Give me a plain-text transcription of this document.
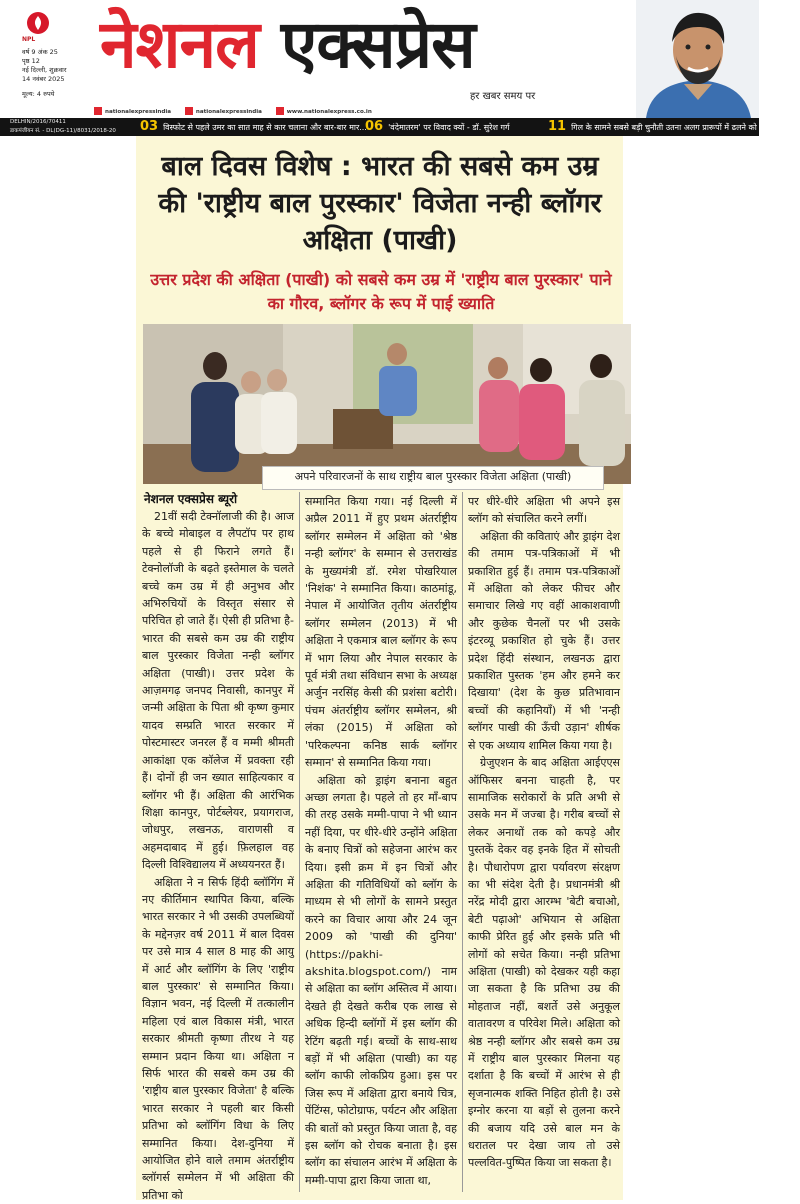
NPL
वर्ष 9 अंक 25
पृष्ठ 12
नई दिल्ली, शुक्रवार
14 नवंबर 2025
मूल्य: 4 रुपये
नेशनल एक्सप्रेस
हर खबर समय पर
nationalexpressindia	nationalexpressindia	www.nationalexpress.co.in
DELHIN/2016/70411
डाकपंजीयन सं. - DL(DG-11)/8031/2018-20	03 विस्फोट से पहले उमर का सात माह से कार चलाना और बार-बार मार...
06 'वंदेमातरम' पर विवाद क्यों - डॉ. सुरेश गर्ग	11 गिल के सामने सबसे बड़ी चुनौती उतना अलग प्रारूपों में ढलने को लेकर - पुजारा
बाल दिवस विशेष : भारत की सबसे कम उम्र की 'राष्ट्रीय बाल पुरस्कार' विजेता नन्ही ब्लॉगर अक्षिता (पाखी)
उत्तर प्रदेश की अक्षिता (पाखी) को सबसे कम उम्र में 'राष्ट्रीय बाल पुरस्कार' पाने का गौरव, ब्लॉगर के रूप में पाई ख्याति
अपने परिवारजनों के साथ राष्ट्रीय बाल पुरस्कार विजेता अक्षिता (पाखी)
नेशनल एक्सप्रेस ब्यूरो

21वीं सदी टेक्नॉलाजी की है। आज के बच्चे मोबाइल व लैपटॉप पर हाथ पहले से ही फिराने लगते हैं। टेक्नोलॉजी के बढ़ते इस्तेमाल के चलते बच्चे कम उम्र में ही अनुभव और अभिरुचियों के विस्तृत संसार से परिचित हो जाते हैं। ऐसी ही प्रतिभा है-भारत की सबसे कम उम्र की राष्ट्रीय बाल पुरस्कार विजेता नन्ही ब्लॉगर अक्षिता (पाखी)। उत्तर प्रदेश के आज़मगढ़ जनपद निवासी, कानपुर में जन्मी अक्षिता के पिता श्री कृष्ण कुमार यादव सम्प्रति भारत सरकार में पोस्टमास्टर जनरल हैं व मम्मी श्रीमती आकांक्षा एक कॉलेज में प्रवक्ता रही हैं। दोनों ही जन ख्यात साहित्यकार व ब्लॉगर भी हैं। अक्षिता की आरंभिक शिक्षा कानपुर, पोर्टब्लेयर, प्रयागराज, जोधपुर, लखनऊ, वाराणसी व अहमदाबाद में हुई। फ़िलहाल वह दिल्ली विश्विद्यालय में अध्ययनरत हैं।

अक्षिता ने न सिर्फ हिंदी ब्लॉगिंग में नए कीर्तिमान स्थापित किया, बल्कि भारत सरकार ने भी उसकी उपलब्धियों के मद्देनज़र वर्ष 2011 में बाल दिवस पर उसे मात्र 4 साल 8 माह की आयु में आर्ट और ब्लॉगिंग के लिए 'राष्ट्रीय बाल पुरस्कार' से सम्मानित किया। विज्ञान भवन, नई दिल्ली में तत्कालीन महिला एवं बाल विकास मंत्री, भारत सरकार श्रीमती कृष्णा तीरथ ने यह सम्मान प्रदान किया था। अक्षिता न सिर्फ भारत की सबसे कम उम्र की 'राष्ट्रीय बाल पुरस्कार विजेता' है बल्कि भारत सरकार ने पहली बार किसी प्रतिभा को ब्लॉगिंग विधा के लिए सम्मानित किया। देश-दुनिया में आयोजित होने वाले तमाम अंतर्राष्ट्रीय ब्लॉगर्स सम्मेलन में भी अक्षिता की प्रतिभा को

सम्मानित किया गया। नई दिल्ली में अप्रैल 2011 में हुए प्रथम अंतर्राष्ट्रीय ब्लॉगर सम्मेलन में अक्षिता को 'श्रेष्ठ नन्ही ब्लॉगर' के सम्मान से उत्तराखंड के मुख्यमंत्री डॉ. रमेश पोखरियाल 'निशंक' ने सम्मानित किया। काठमांडू, नेपाल में आयोजित तृतीय अंतर्राष्ट्रीय ब्लॉगर सम्मेलन (2013) में भी अक्षिता ने एकमात्र बाल ब्लॉगर के रूप में भाग लिया और नेपाल सरकार के पूर्व मंत्री तथा संविधान सभा के अध्यक्ष अर्जुन नरसिंह केसी की प्रशंसा बटोरी। पंचम अंतर्राष्ट्रीय ब्लॉगर सम्मेलन, श्री लंका (2015) में अक्षिता को 'परिकल्पना कनिष्ठ सार्क ब्लॉगर सम्मान' से सम्मानित किया गया।

अक्षिता को ड्राइंग बनाना बहुत अच्छा लगता है। पहले तो हर माँ-बाप की तरह उसके मम्मी-पापा ने भी ध्यान नहीं दिया, पर धीरे-धीरे उन्होंने अक्षिता के बनाए चित्रों को सहेजना आरंभ कर दिया। इसी क्रम में इन चित्रों और अक्षिता की गतिविधियों को ब्लॉग के माध्यम से भी लोगों के सामने प्रस्तुत करने का विचार आया और 24 जून 2009 को 'पाखी की दुनिया' (https://pakhi-akshita.blogspot.com/) नाम से अक्षिता का ब्लॉग अस्तित्व में आया। देखते ही देखते करीब एक लाख से अधिक हिन्दी ब्लॉगों में इस ब्लॉग की रेटिंग बढ़ती गई। बच्चों के साथ-साथ बड़ों में भी अक्षिता (पाखी) का यह ब्लॉग काफी लोकप्रिय हुआ। इस पर जिस रूप में अक्षिता द्वारा बनाये चित्र, पेंटिंग्स, फोटोग्राफ, पर्यटन और अक्षिता की बातों को प्रस्तुत किया जाता है, वह इस ब्लॉग को रोचक बनाता है। इस ब्लॉग का संचालन आरंभ में अक्षिता के मम्मी-पापा द्वारा किया जाता था,

पर धीरे-धीरे अक्षिता भी अपने इस ब्लॉग को संचालित करने लगीं।

अक्षिता की कविताएं और ड्राइंग देश की तमाम पत्र-पत्रिकाओं में भी प्रकाशित हुई हैं। तमाम पत्र-पत्रिकाओं में अक्षिता को लेकर फीचर और समाचार लिखे गए वहीं आकाशवाणी और कुछेक चैनलों पर भी उसके इंटरव्यू प्रकाशित हो चुके हैं। उत्तर प्रदेश हिंदी संस्थान, लखनऊ द्वारा प्रकाशित पुस्तक 'हम और हमने कर दिखाया' (देश के कुछ प्रतिभावान बच्चों की कहानियाँ) में भी 'नन्ही ब्लॉगर पाखी की ऊँची उड़ान' शीर्षक से एक अध्याय शामिल किया गया है।

ग्रेजुएशन के बाद अक्षिता आईएएस ऑफिसर बनना चाहती है, पर सामाजिक सरोकारों के प्रति अभी से उसके मन में जज्बा है। गरीब बच्चों से लेकर अनाथों तक को कपड़े और पुस्तकें देकर वह इनके हित में सोचती है। पौधारोपण द्वारा पर्यावरण संरक्षण का भी संदेश देती है। प्रधानमंत्री श्री नरेंद्र मोदी द्वारा आरम्भ 'बेटी बचाओ, बेटी पढ़ाओ' अभियान से अक्षिता काफी प्रेरित हुई और इसके प्रति भी लोगों को सचेत किया। नन्ही प्रतिभा अक्षिता (पाखी) को देखकर यही कहा जा सकता है कि प्रतिभा उम्र की मोहताज नहीं, बशर्ते उसे अनुकूल वातावरण व परिवेश मिले। अक्षिता को श्रेष्ठ नन्ही ब्लॉगर और सबसे कम उम्र में राष्ट्रीय बाल पुरस्कार मिलना यह दर्शाता है कि बच्चों में आरंभ से ही सृजनात्मक शक्ति निहित होती है। उसे इग्नोर करना या बड़ों से तुलना करने की बजाय यदि उसे बाल मन के धरातल पर देखा जाय तो उसे पल्लवित-पुष्पित किया जा सकता है।
